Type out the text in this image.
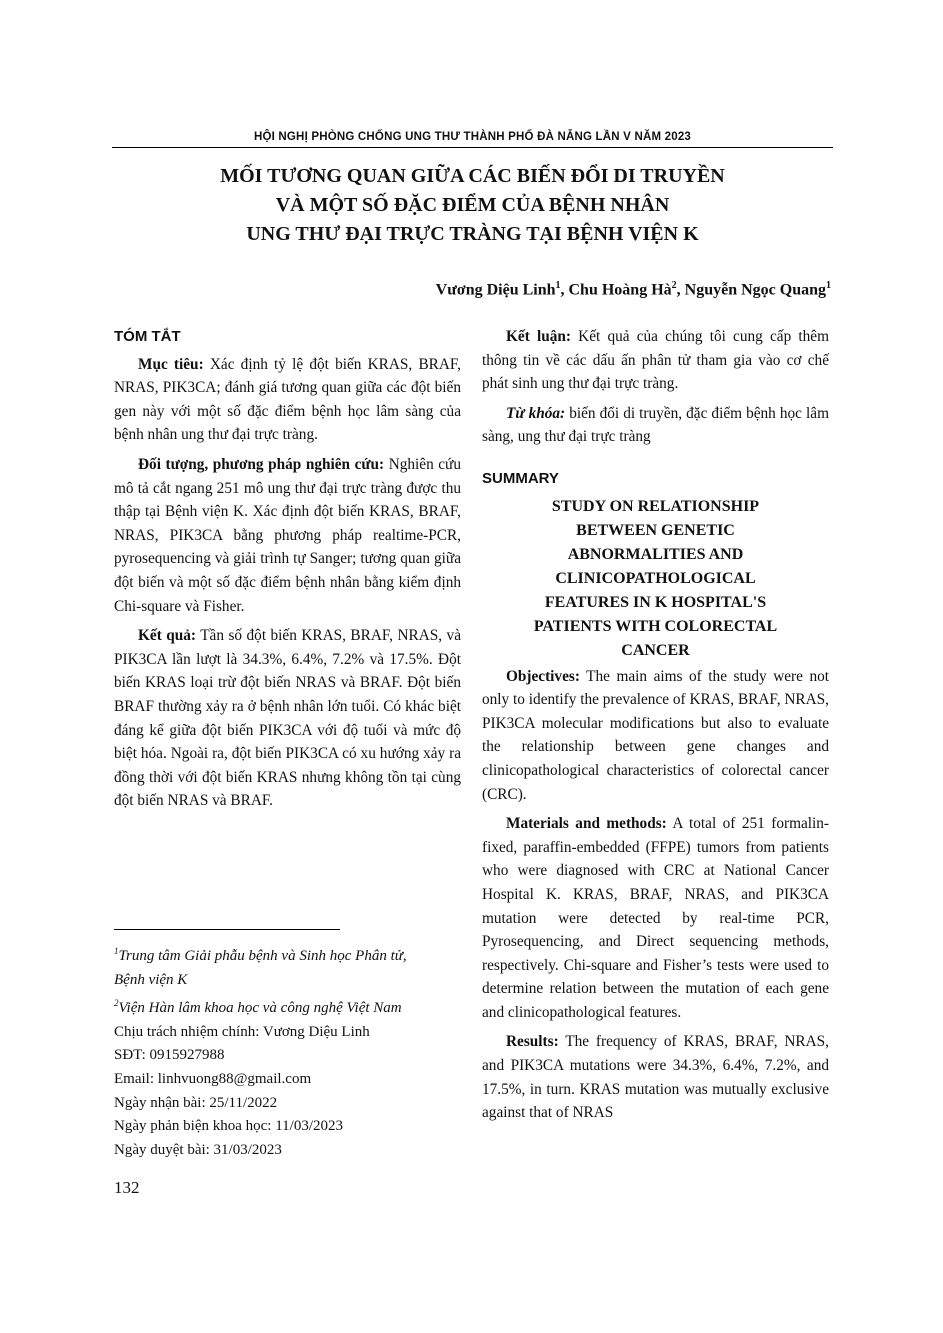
HỘI NGHỊ PHÒNG CHỐNG UNG THƯ THÀNH PHỐ ĐÀ NẴNG LẦN V NĂM 2023
MỐI TƯƠNG QUAN GIỮA CÁC BIẾN ĐỔI DI TRUYỀN
VÀ MỘT SỐ ĐẶC ĐIỂM CỦA BỆNH NHÂN
UNG THƯ ĐẠI TRỰC TRÀNG TẠI BỆNH VIỆN K
Vương Diệu Linh$^1$, Chu Hoàng $Hà^2$, Nguyễn Ngọc Quang$^1$
TÓM TẮT

Mục tiêu: Xác định tỷ lệ đột biến KRAS, BRAF, NRAS, PIK3CA; đánh giá tương quan giữa các đột biến gen này với một số đặc điểm bệnh học lâm sàng của bệnh nhân ung thư đại trực tràng.

Đối tượng, phương pháp nghiên cứu: Nghiên cứu mô tả cắt ngang 251 mô ung thư đại trực tràng được thu thập tại Bệnh viện K. Xác định đột biến KRAS, BRAF, NRAS, PIK3CA bằng phương pháp realtime-PCR, pyrosequencing và giải trình tự Sanger; tương quan giữa đột biến và một số đặc điểm bệnh nhân bằng kiểm định Chi-square và Fisher.

Kết quả: Tần số đột biến KRAS, BRAF, NRAS, và PIK3CA lần lượt là 34.3%, 6.4%, 7.2% và 17.5%. Đột biến KRAS loại trừ đột biến NRAS và BRAF. Đột biến BRAF thường xảy ra ở bệnh nhân lớn tuổi. Có khác biệt đáng kể giữa đột biến PIK3CA với độ tuổi và mức độ biệt hóa. Ngoài ra, đột biến PIK3CA có xu hướng xảy ra đồng thời với đột biến KRAS nhưng không tồn tại cùng đột biến NRAS và BRAF.

Kết luận: Kết quả của chúng tôi cung cấp thêm thông tin về các dấu ấn phân tử tham gia vào cơ chế phát sinh ung thư đại trực tràng.

Từ khóa: biến đổi di truyền, đặc điểm bệnh học lâm sàng, ung thư đại trực tràng

SUMMARY
STUDY ON RELATIONSHIP
BETWEEN GENETIC
ABNORMALITIES AND
CLINICOPATHOLOGICAL
FEATURES IN K HOSPITAL'S
PATIENTS WITH COLORECTAL
CANCER

Objectives: The main aims of the study were not only to identify the prevalence of KRAS, BRAF, NRAS, PIK3CA molecular modifications but also to evaluate the relationship between gene changes and clinicopathological characteristics of colorectal cancer (CRC).

Materials and methods: A total of 251 formalin-fixed, paraffin-embedded (FFPE) tumors from patients who were diagnosed with CRC at National Cancer Hospital K. KRAS, BRAF, NRAS, and PIK3CA mutation were detected by real-time PCR, Pyrosequencing, and Direct sequencing methods, respectively. Chi-square and Fisher’s tests were used to determine relation between the mutation of each gene and clinicopathological features.

Results: The frequency of KRAS, BRAF, NRAS, and PIK3CA mutations were 34.3%, 6.4%, 7.2%, and 17.5%, in turn. KRAS mutation was mutually exclusive against that of NRAS

$^1$Trung tâm Giải phẫu bệnh và Sinh học Phân tử,
Bệnh viện K
$^2$Viện Hàn lâm khoa học và công nghệ Việt Nam
Chịu trách nhiệm chính: Vương Diệu Linh
SĐT: 0915927988
Email: linhvuong88@gmail.com
Ngày nhận bài: 25/11/2022
Ngày phản biện khoa học: 11/03/2023
Ngày duyệt bài: 31/03/2023
132
